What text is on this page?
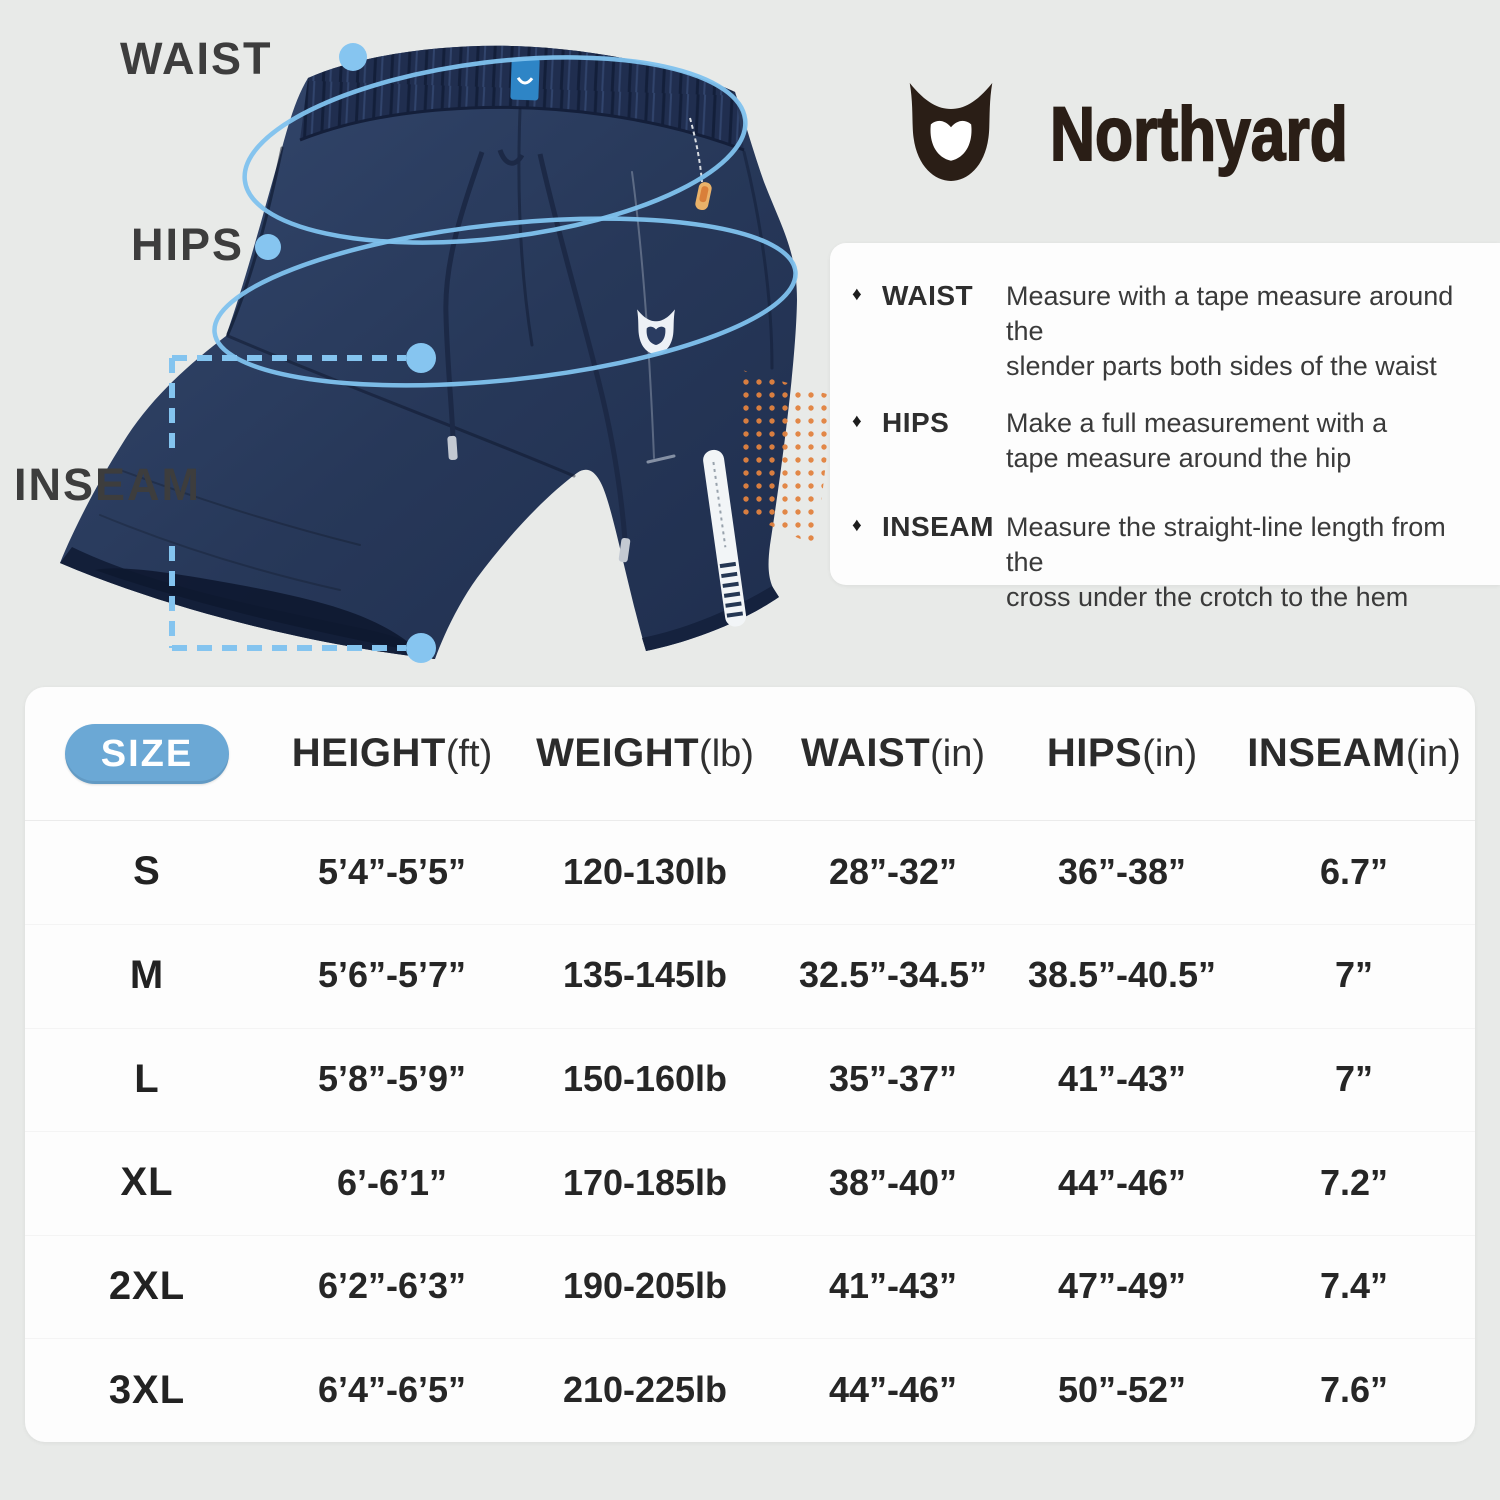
WAIST
HIPS
INSEAM
Northyard
♦ WAIST	Measure with a tape measure around the
slender parts both sides of the waist
♦ HIPS	Make a full measurement with a
tape measure around the hip
♦ INSEAM Measure the straight-line length from the
cross under the crotch to the hem
SIZE	HEIGHT(ft) WEIGHT(lb) WAIST(in) HIPS(in) INSEAM(in)
S	5’4”-5’5”	120-130lb	28”-32”	36”-38”	6.7”
M	5’6”-5’7”	135-145lb 32.5”-34.5” 38.5”-40.5”	7”
L	5’8”-5’9”	150-160lb	35”-37”	41”-43”	7”
XL	6’-6’1”	170-185lb	38”-40”	44”-46”	7.2”
2XL	6’2”-6’3”	190-205lb	41”-43”	47”-49”	7.4”
3XL	6’4”-6’5”	210-225lb	44”-46”	50”-52”	7.6”
